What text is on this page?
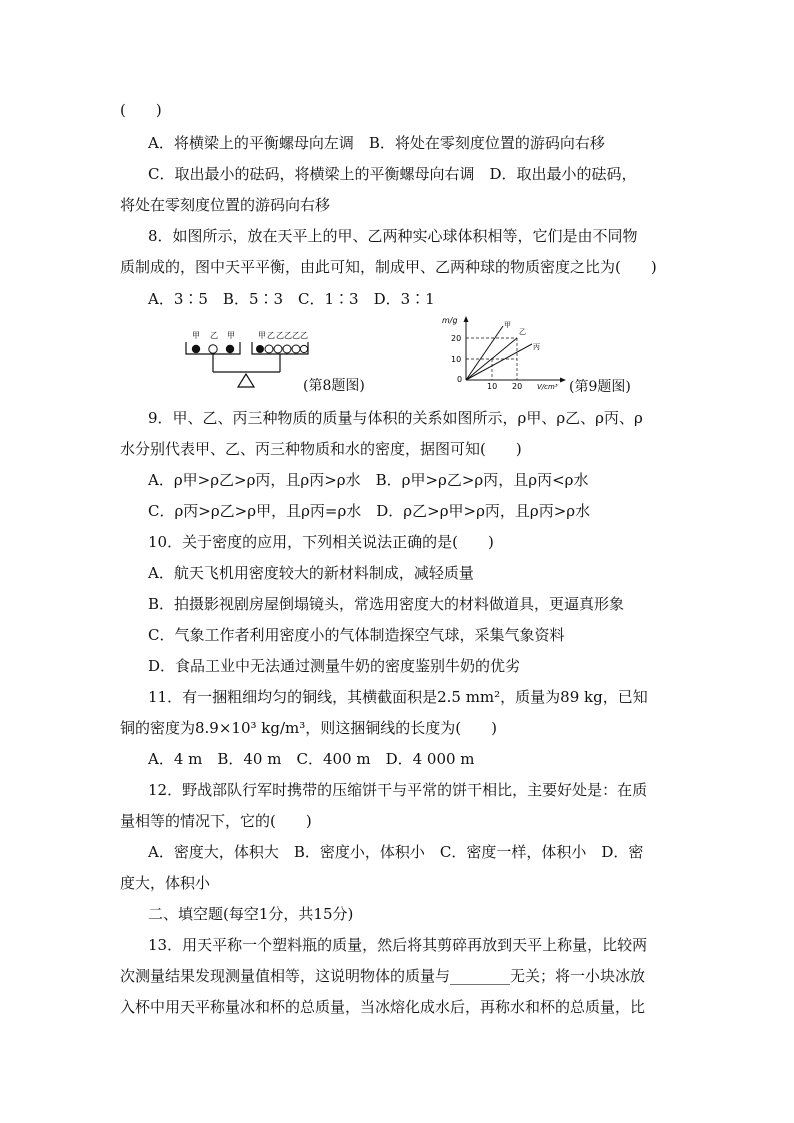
(　　)
A．将横梁上的平衡螺母向左调　B．将处在零刻度位置的游码向右移
C．取出最小的砝码，将横梁上的平衡螺母向右调　D．取出最小的砝码，
将处在零刻度位置的游码向右移
8．如图所示，放在天平上的甲、乙两种实心球体积相等，它们是由不同物
质制成的，图中天平平衡，由此可知，制成甲、乙两种球的物质密度之比为(　　)
A．3∶5　B．5∶3　C．1∶3　D．3∶1
甲 乙 甲	甲 乙 乙 乙 乙 乙
(第8题图)
m/g
V/cm³
甲
乙
丙
20
10
0
10 20	(第9题图)
9．甲、乙、丙三种物质的质量与体积的关系如图所示，ρ甲、ρ乙、ρ丙、ρ
水分别代表甲、乙、丙三种物质和水的密度，据图可知(　　)
A．ρ甲>ρ乙>ρ丙，且ρ丙>ρ水　B．ρ甲>ρ乙>ρ丙，且ρ丙<ρ水
C．ρ丙>ρ乙>ρ甲，且ρ丙=ρ水　D．ρ乙>ρ甲>ρ丙，且ρ丙>ρ水
10．关于密度的应用，下列相关说法正确的是(　　)
A．航天飞机用密度较大的新材料制成，减轻质量
B．拍摄影视剧房屋倒塌镜头，常选用密度大的材料做道具，更逼真形象
C．气象工作者利用密度小的气体制造探空气球，采集气象资料
D．食品工业中无法通过测量牛奶的密度鉴别牛奶的优劣
11．有一捆粗细均匀的铜线，其横截面积是2.5 mm²，质量为89 kg，已知
铜的密度为8.9×10³ kg/m³，则这捆铜线的长度为(　　)
A．4 m　B．40 m　C．400 m　D．4 000 m
12．野战部队行军时携带的压缩饼干与平常的饼干相比，主要好处是：在质
量相等的情况下，它的(　　)
A．密度大，体积大　B．密度小，体积小　C．密度一样，体积小　D．密
度大，体积小
二、填空题(每空1分，共15分)
13．用天平称一个塑料瓶的质量，然后将其剪碎再放到天平上称量，比较两
次测量结果发现测量值相等，这说明物体的质量与________无关；将一小块冰放
入杯中用天平称量冰和杯的总质量，当冰熔化成水后，再称水和杯的总质量，比
